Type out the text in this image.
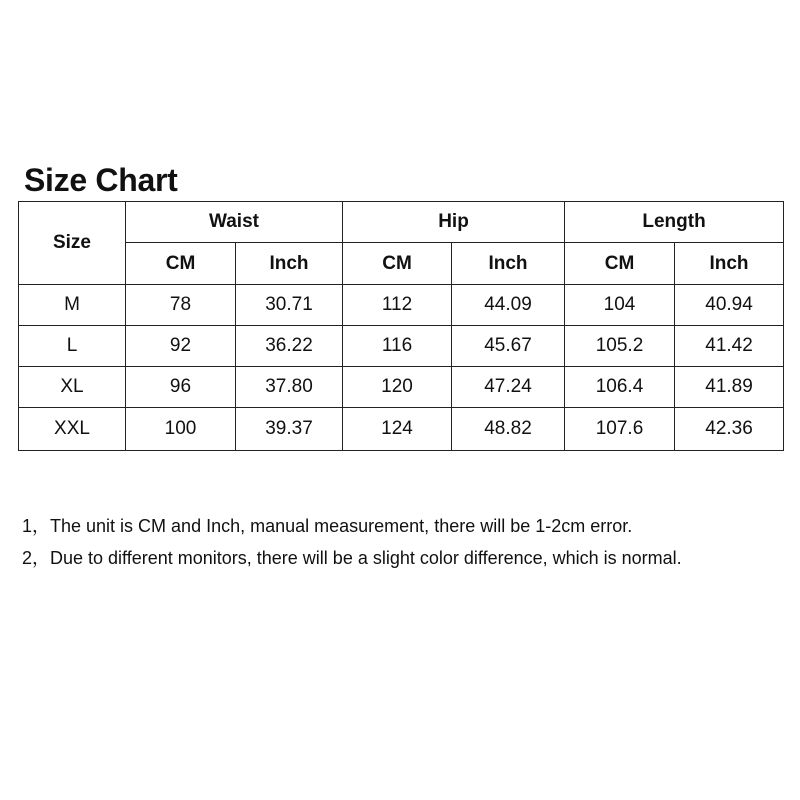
Size Chart
Size	Waist		Hip		Length	
	CM	Inch	CM	Inch	CM	Inch
M	78	30.71	112	44.09	104	40.94
L	92	36.22	116	45.67	105.2	41.42
XL	96	37.80	120	47.24	106.4	41.89
XXL	100	39.37	124	48.82	107.6	42.36
1，The unit is CM and Inch, manual measurement, there will be 1-2cm error.
2，Due to different monitors, there will be a slight color difference, which is normal.
